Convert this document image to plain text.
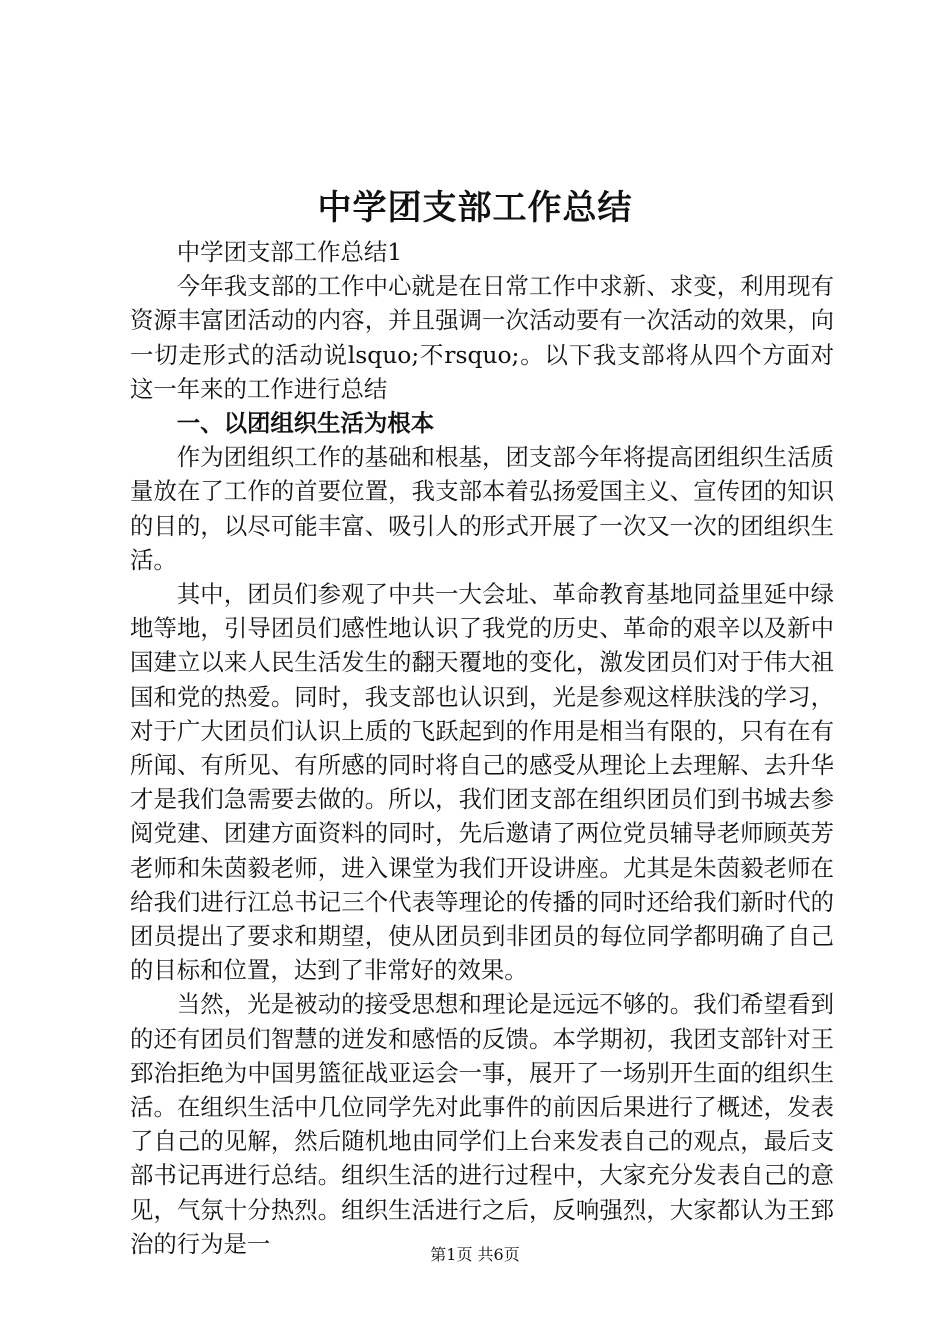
中学团支部工作总结

中学团支部工作总结1

今年我支部的工作中心就是在日常工作中求新、求变，利用现有资源丰富团活动的内容，并且强调一次活动要有一次活动的效果，向一切走形式的活动说lsquo;不rsquo;。以下我支部将从四个方面对这一年来的工作进行总结

一、以团组织生活为根本

作为团组织工作的基础和根基，团支部今年将提高团组织生活质量放在了工作的首要位置，我支部本着弘扬爱国主义、宣传团的知识的目的，以尽可能丰富、吸引人的形式开展了一次又一次的团组织生活。

其中，团员们参观了中共一大会址、革命教育基地同益里延中绿地等地，引导团员们感性地认识了我党的历史、革命的艰辛以及新中国建立以来人民生活发生的翻天覆地的变化，激发团员们对于伟大祖国和党的热爱。同时，我支部也认识到，光是参观这样肤浅的学习，对于广大团员们认识上质的飞跃起到的作用是相当有限的，只有在有所闻、有所见、有所感的同时将自己的感受从理论上去理解、去升华才是我们急需要去做的。所以，我们团支部在组织团员们到书城去参阅党建、团建方面资料的同时，先后邀请了两位党员辅导老师顾英芳老师和朱茵毅老师，进入课堂为我们开设讲座。尤其是朱茵毅老师在给我们进行江总书记三个代表等理论的传播的同时还给我们新时代的团员提出了要求和期望，使从团员到非团员的每位同学都明确了自己的目标和位置，达到了非常好的效果。

当然，光是被动的接受思想和理论是远远不够的。我们希望看到的还有团员们智慧的迸发和感悟的反馈。本学期初，我团支部针对王郅治拒绝为中国男篮征战亚运会一事，展开了一场别开生面的组织生活。在组织生活中几位同学先对此事件的前因后果进行了概述，发表了自己的见解，然后随机地由同学们上台来发表自己的观点，最后支部书记再进行总结。组织生活的进行过程中，大家充分发表自己的意见，气氛十分热烈。组织生活进行之后，反响强烈，大家都认为王郅治的行为是一	第1页 共6页
